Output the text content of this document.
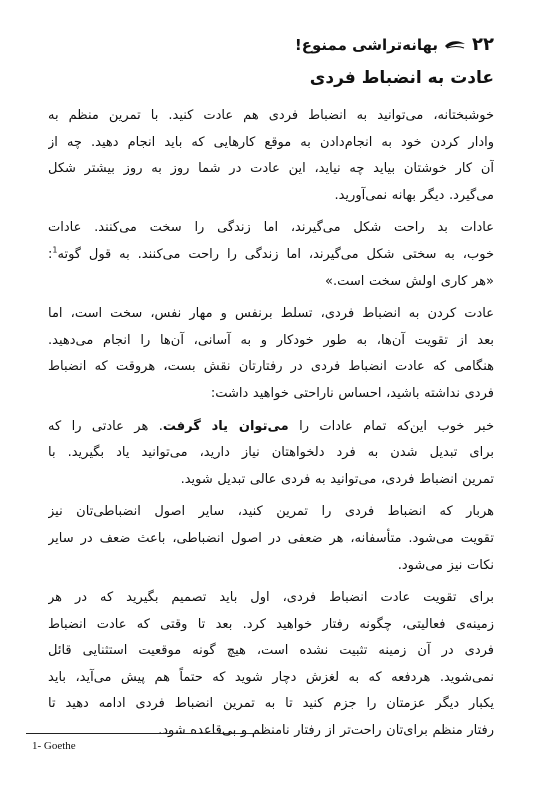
۲۲
بهانه‌تراشی ممنوع!
عادت به انضباط فردی

خوشبختانه، می‌توانید به انضباط فردی هم عادت کنید. با تمرین منظم به
وادار کردن خود به انجام‌دادن به موقع کارهایی که باید انجام دهید. چه از
آن کار خوشتان بیاید چه نیاید، این عادت در شما روز به روز بیشتر شکل
می‌گیرد. دیگر بهانه نمی‌آورید.

عادات بد راحت شکل می‌گیرند، اما زندگی را سخت می‌کنند. عادات
خوب، به سختی شکل می‌گیرند، اما زندگی را راحت می‌کنند. به قول گوته$^1$:
«هر کاری اولش سخت است.»

عادت کردن به انضباط فردی، تسلط برنفس و مهار نفس، سخت است، اما
بعد از تقویت آن‌ها، به طور خودکار و به آسانی، آن‌ها را انجام می‌دهید.
هنگامی که عادت انضباط فردی در رفتارتان نقش بست، هروقت که انضباط
فردی نداشته باشید، احساس ناراحتی خواهید داشت:

خبر خوب این‌که تمام عادات را می‌توان یاد گرفت. هر عادتی را که
برای تبدیل شدن به فرد دلخواهتان نیاز دارید، می‌توانید یاد بگیرید. با
تمرین انضباط فردی، می‌توانید به فردی عالی تبدیل شوید.

هربار که انضباط فردی را تمرین کنید، سایر اصول انضباطی‌تان نیز
تقویت می‌شود. متأسفانه، هر ضعفی در اصول انضباطی، باعث ضعف در سایر
نکات نیز می‌شود.

برای تقویت عادت انضباط فردی، اول باید تصمیم بگیرید که در هر
زمینه‌ی فعالیتی، چگونه رفتار خواهید کرد. بعد تا وقتی که عادت انضباط
فردی در آن زمینه تثبیت نشده است، هیچ گونه موقعیت استثنایی قائل
نمی‌شوید. هردفعه که به لغزش دچار شوید که حتماً هم پیش می‌آید، باید
یکبار دیگر عزمتان را جزم کنید تا به تمرین انضباط فردی ادامه دهید تا
رفتار منظم برای‌تان راحت‌تر از رفتار نامنظم و بی‌قاعده شود.

1- Goethe
